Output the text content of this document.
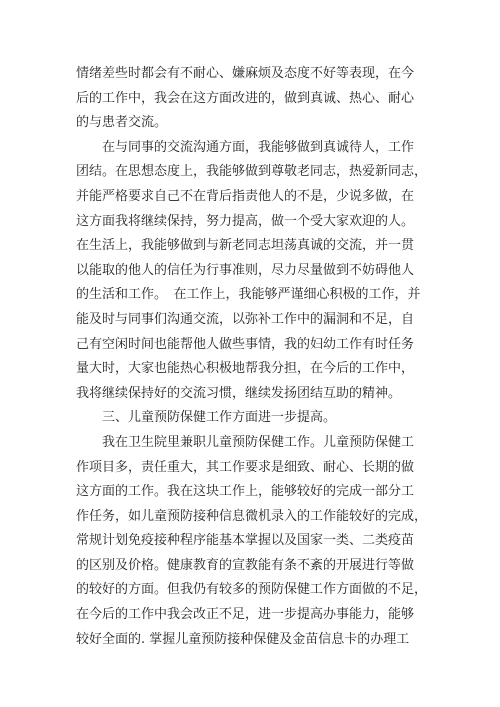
情绪差些时都会有不耐心、嫌麻烦及态度不好等表现，在今
后的工作中，我会在这方面改进的，做到真诚、热心、耐心
的与患者交流。
　　在与同事的交流沟通方面，我能够做到真诚待人，工作
团结。在思想态度上，我能够做到尊敬老同志，热爱新同志，
并能严格要求自己不在背后指责他人的不是，少说多做，在
这方面我将继续保持，努力提高，做一个受大家欢迎的人。
在生活上，我能够做到与新老同志坦荡真诚的交流，并一贯
以能取的他人的信任为行事准则，尽力尽量做到不妨碍他人
的生活和工作。　在工作上，我能够严谨细心积极的工作，并
能及时与同事们沟通交流，以弥补工作中的漏洞和不足，自
己有空闲时间也能帮他人做些事情，我的妇幼工作有时任务
量大时，大家也能热心积极地帮我分担，在今后的工作中，
我将继续保持好的交流习惯，继续发扬团结互助的精神。
　　三、儿童预防保健工作方面进一步提高。
　　我在卫生院里兼职儿童预防保健工作。儿童预防保健工
作项目多，责任重大，其工作要求是细致、耐心、长期的做
这方面的工作。我在这块工作上，能够较好的完成一部分工
作任务，如儿童预防接种信息微机录入的工作能较好的完成，
常规计划免疫接种程序能基本掌握以及国家一类、二类疫苗
的区别及价格。健康教育的宣教能有条不紊的开展进行等做
的较好的方面。但我仍有较多的预防保健工作方面做的不足，
在今后的工作中我会改正不足，进一步提高办事能力，能够
较好全面的. 掌握儿童预防接种保健及金苗信息卡的办理工
